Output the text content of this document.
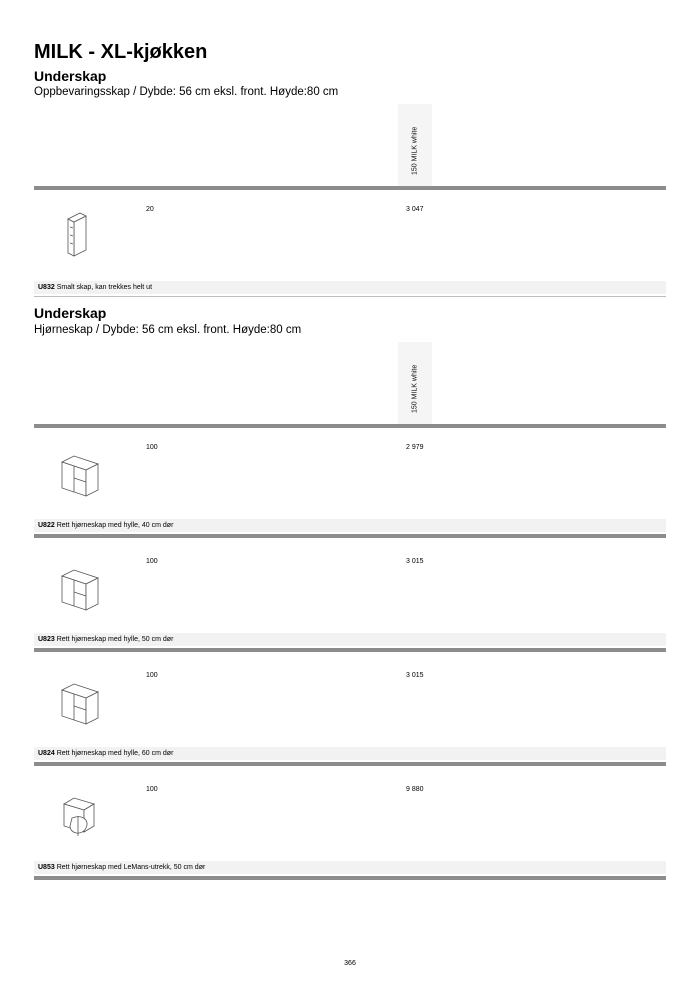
MILK - XL-kjøkken
Underskap
Oppbevaringsskap / Dybde: 56 cm eksl. front. Høyde:80 cm
150 MILK white
20	3 047
U832 Smalt skap, kan trekkes helt ut
Underskap
Hjørneskap / Dybde: 56 cm eksl. front. Høyde:80 cm
150 MILK white
100	2 979
U822 Rett hjørneskap med hylle, 40 cm dør
100	3 015
U823 Rett hjørneskap med hylle, 50 cm dør
100	3 015
U824 Rett hjørneskap med hylle, 60 cm dør
100	9 880
U853 Rett hjørneskap med LeMans-utrekk, 50 cm dør
366
